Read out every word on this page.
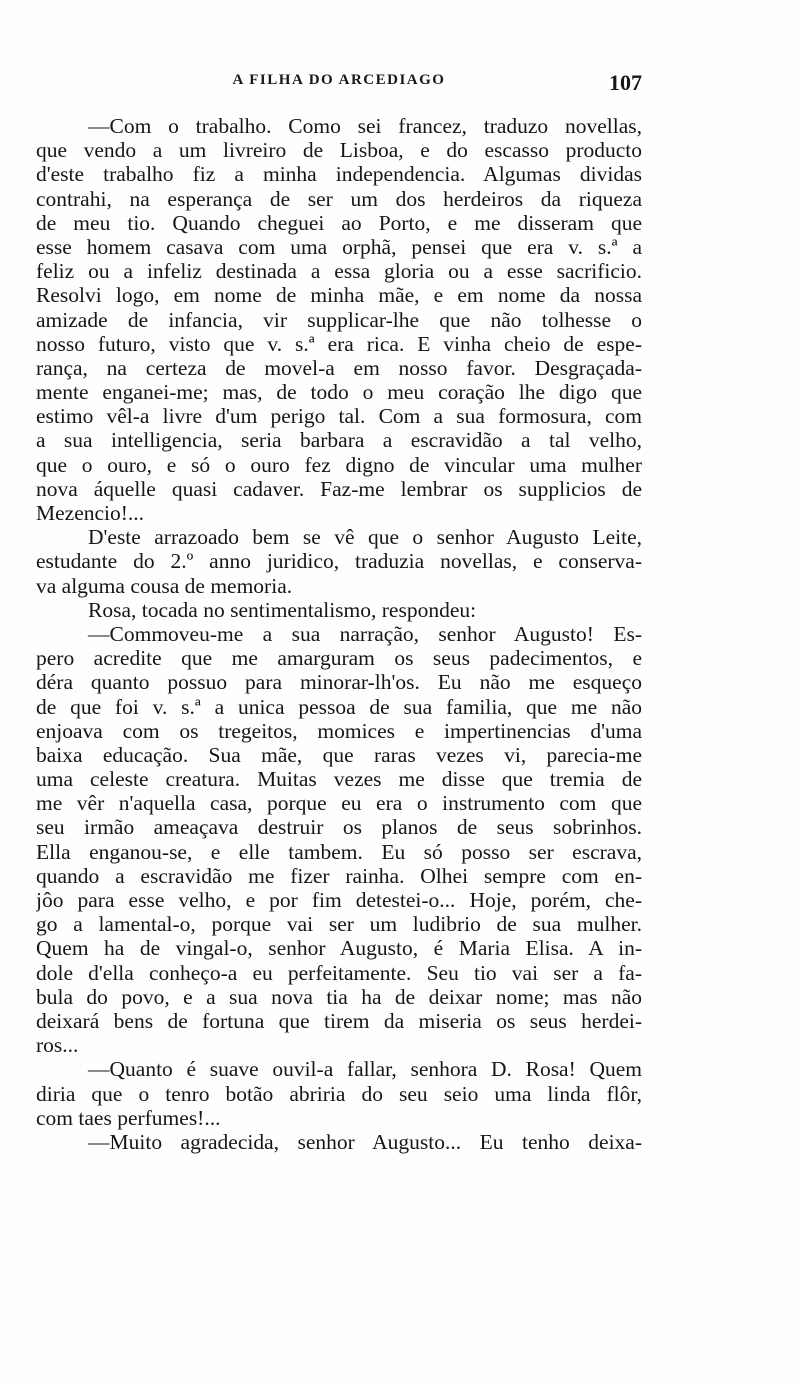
A FILHA DO ARCEDIAGO	107
—Com o trabalho. Como sei francez, traduzo novellas,
que vendo a um livreiro de Lisboa, e do escasso producto
d'este trabalho fiz a minha independencia. Algumas dividas
contrahi, na esperança de ser um dos herdeiros da riqueza
de meu tio. Quando cheguei ao Porto, e me disseram que
esse homem casava com uma orphã, pensei que era v. s.ª a
feliz ou a infeliz destinada a essa gloria ou a esse sacrificio.
Resolvi logo, em nome de minha mãe, e em nome da nossa
amizade de infancia, vir supplicar-lhe que não tolhesse o
nosso futuro, visto que v. s.ª era rica. E vinha cheio de espe-
rança, na certeza de movel-a em nosso favor. Desgraçada-
mente enganei-me; mas, de todo o meu coração lhe digo que
estimo vêl-a livre d'um perigo tal. Com a sua formosura, com
a sua intelligencia, seria barbara a escravidão a tal velho,
que o ouro, e só o ouro fez digno de vincular uma mulher
nova áquelle quasi cadaver. Faz-me lembrar os supplicios de
Mezencio!...
D'este arrazoado bem se vê que o senhor Augusto Leite,
estudante do 2.º anno juridico, traduzia novellas, e conserva-
va alguma cousa de memoria.
Rosa, tocada no sentimentalismo, respondeu:
—Commoveu-me a sua narração, senhor Augusto! Es-
pero acredite que me amarguram os seus padecimentos, e
déra quanto possuo para minorar-lh'os. Eu não me esqueço
de que foi v. s.ª a unica pessoa de sua familia, que me não
enjoava com os tregeitos, momices e impertinencias d'uma
baixa educação. Sua mãe, que raras vezes vi, parecia-me
uma celeste creatura. Muitas vezes me disse que tremia de
me vêr n'aquella casa, porque eu era o instrumento com que
seu irmão ameaçava destruir os planos de seus sobrinhos.
Ella enganou-se, e elle tambem. Eu só posso ser escrava,
quando a escravidão me fizer rainha. Olhei sempre com en-
jôo para esse velho, e por fim detestei-o... Hoje, porém, che-
go a lamental-o, porque vai ser um ludibrio de sua mulher.
Quem ha de vingal-o, senhor Augusto, é Maria Elisa. A in-
dole d'ella conheço-a eu perfeitamente. Seu tio vai ser a fa-
bula do povo, e a sua nova tia ha de deixar nome; mas não
deixará bens de fortuna que tirem da miseria os seus herdei-
ros...
—Quanto é suave ouvil-a fallar, senhora D. Rosa! Quem
diria que o tenro botão abriria do seu seio uma linda flôr,
com taes perfumes!...
—Muito agradecida, senhor Augusto... Eu tenho deixa-
